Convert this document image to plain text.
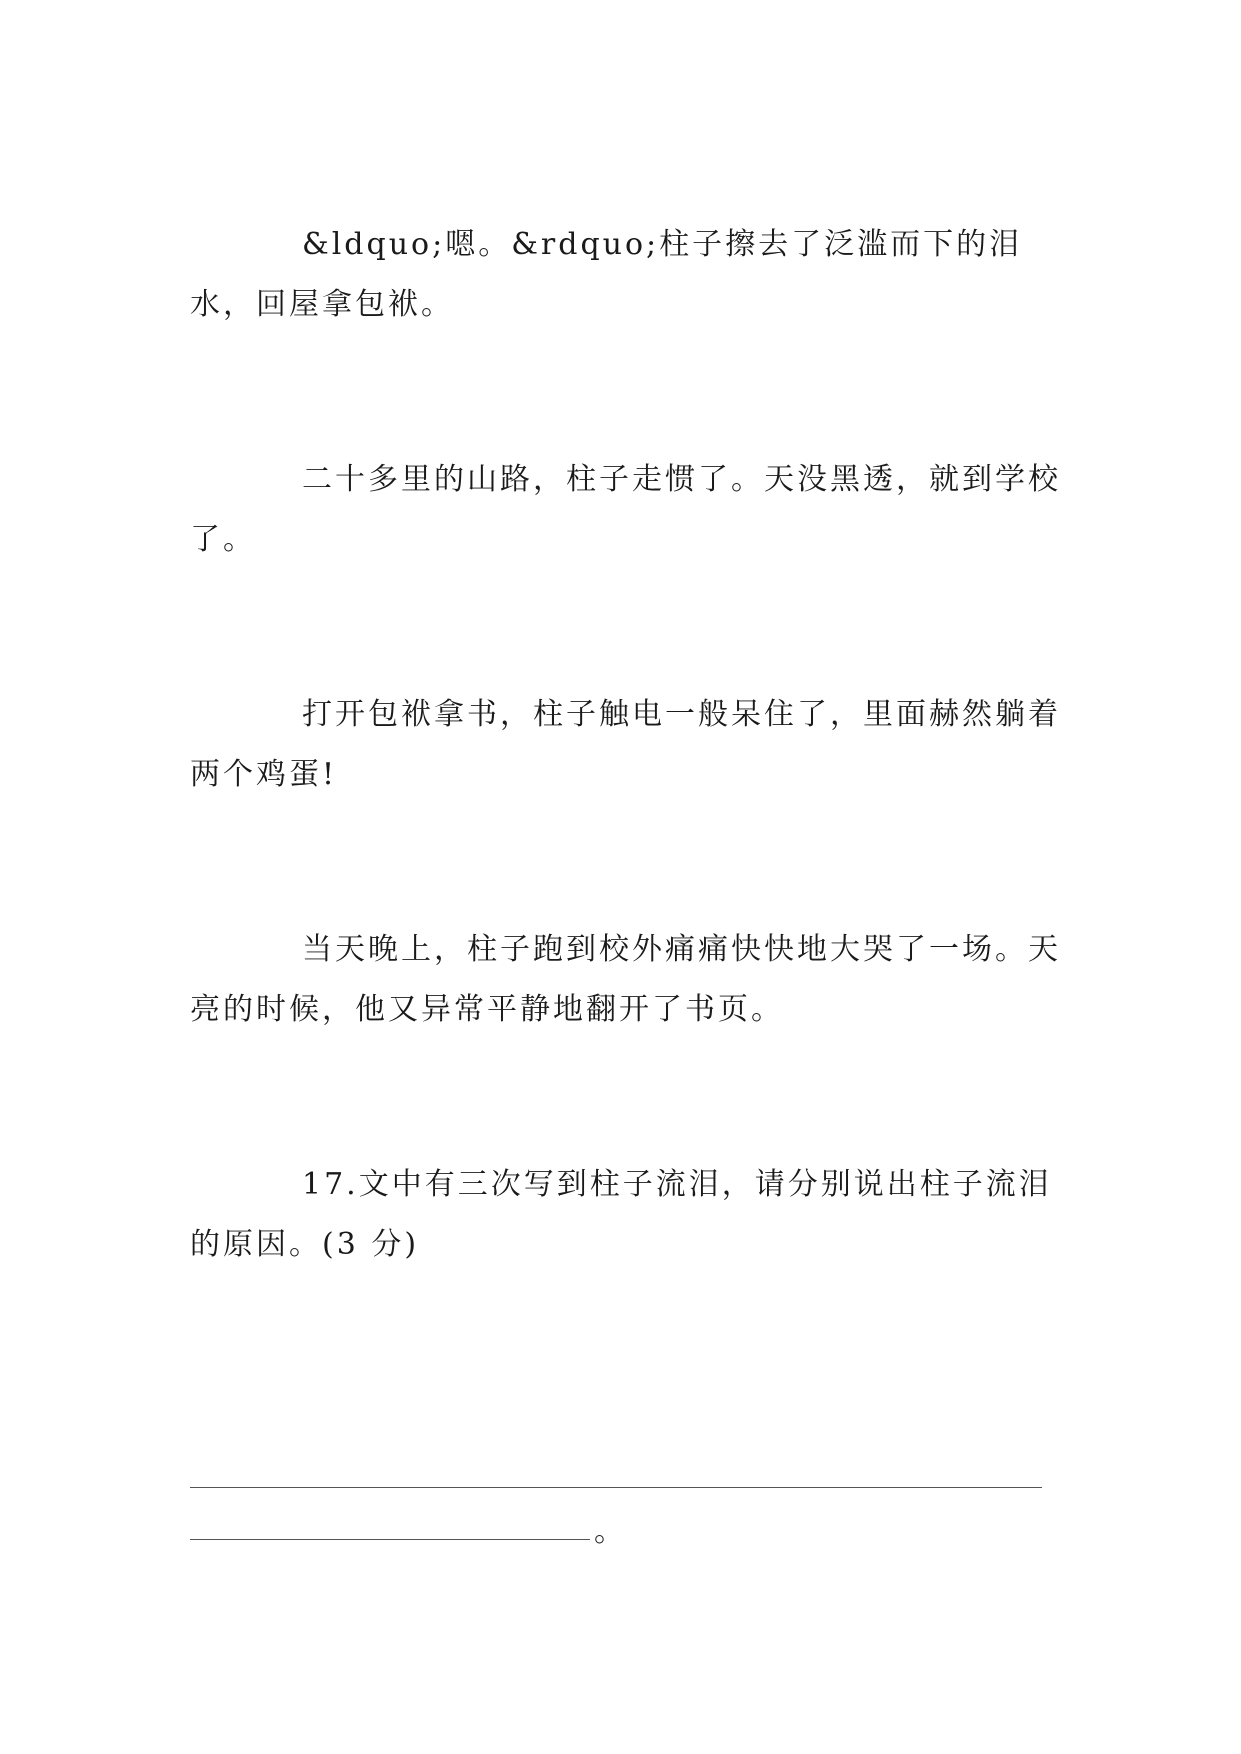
&ldquo;嗯。&rdquo;柱子擦去了泛滥而下的泪水，回屋拿包袱。

二十多里的山路，柱子走惯了。天没黑透，就到学校了。

打开包袱拿书，柱子触电一般呆住了，里面赫然躺着两个鸡蛋!

当天晚上，柱子跑到校外痛痛快快地大哭了一场。天亮的时候，他又异常平静地翻开了书页。

17.文中有三次写到柱子流泪，请分别说出柱子流泪的原因。(3 分)

。
